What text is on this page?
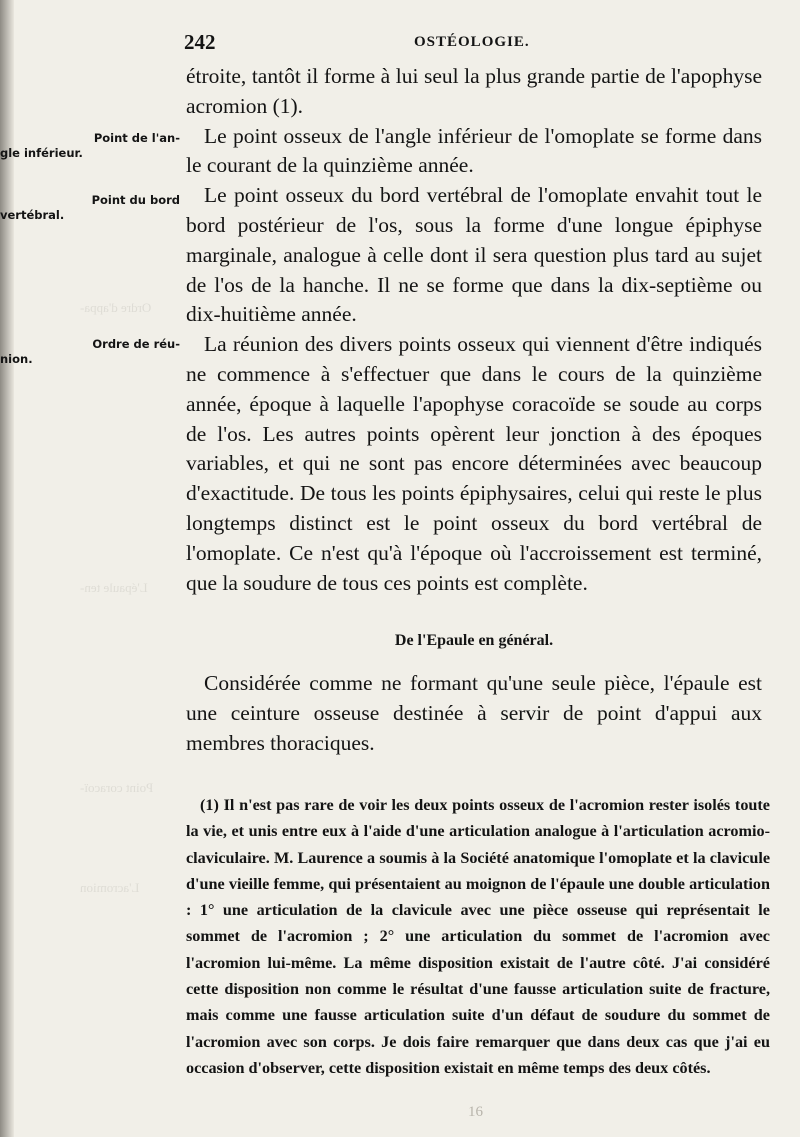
Ordre d'appa-
L'épaule ten-
Point coracoï-
L'acromion
242	OSTÉOLOGIE.
Point de l'an-
gle inférieur.
Point du bord
vertébral.
Ordre de réu-
nion.

étroite, tantôt il forme à lui seul la plus grande partie de l'apophyse acromion (1).

Le point osseux de l'angle inférieur de l'omoplate se forme dans le courant de la quinzième année.

Le point osseux du bord vertébral de l'omoplate envahit tout le bord postérieur de l'os, sous la forme d'une longue épiphyse marginale, analogue à celle dont il sera question plus tard au sujet de l'os de la hanche. Il ne se forme que dans la dix-septième ou dix-huitième année.

La réunion des divers points osseux qui viennent d'être indiqués ne commence à s'effectuer que dans le cours de la quinzième année, époque à laquelle l'apophyse coracoïde se soude au corps de l'os. Les autres points opèrent leur jonction à des époques variables, et qui ne sont pas encore déterminées avec beaucoup d'exactitude. De tous les points épiphysaires, celui qui reste le plus longtemps distinct est le point osseux du bord vertébral de l'omoplate. Ce n'est qu'à l'époque où l'accroissement est terminé, que la soudure de tous ces points est complète.

De l'Epaule en général.
Considérée comme ne formant qu'une seule pièce, l'épaule est une ceinture osseuse destinée à servir de point d'appui aux membres thoraciques.
(1) Il n'est pas rare de voir les deux points osseux de l'acromion rester isolés toute la vie, et unis entre eux à l'aide d'une articulation analogue à l'articulation acromio-claviculaire. M. Laurence a soumis à la Société anatomique l'omoplate et la clavicule d'une vieille femme, qui présentaient au moignon de l'épaule une double articulation : 1° une articulation de la clavicule avec une pièce osseuse qui représentait le sommet de l'acromion ; 2° une articulation du sommet de l'acromion avec l'acromion lui-même. La même disposition existait de l'autre côté. J'ai considéré cette disposition non comme le résultat d'une fausse articulation suite de fracture, mais comme une fausse articulation suite d'un défaut de soudure du sommet de l'acromion avec son corps. Je dois faire remarquer que dans deux cas que j'ai eu occasion d'observer, cette disposition existait en même temps des deux côtés.
16
